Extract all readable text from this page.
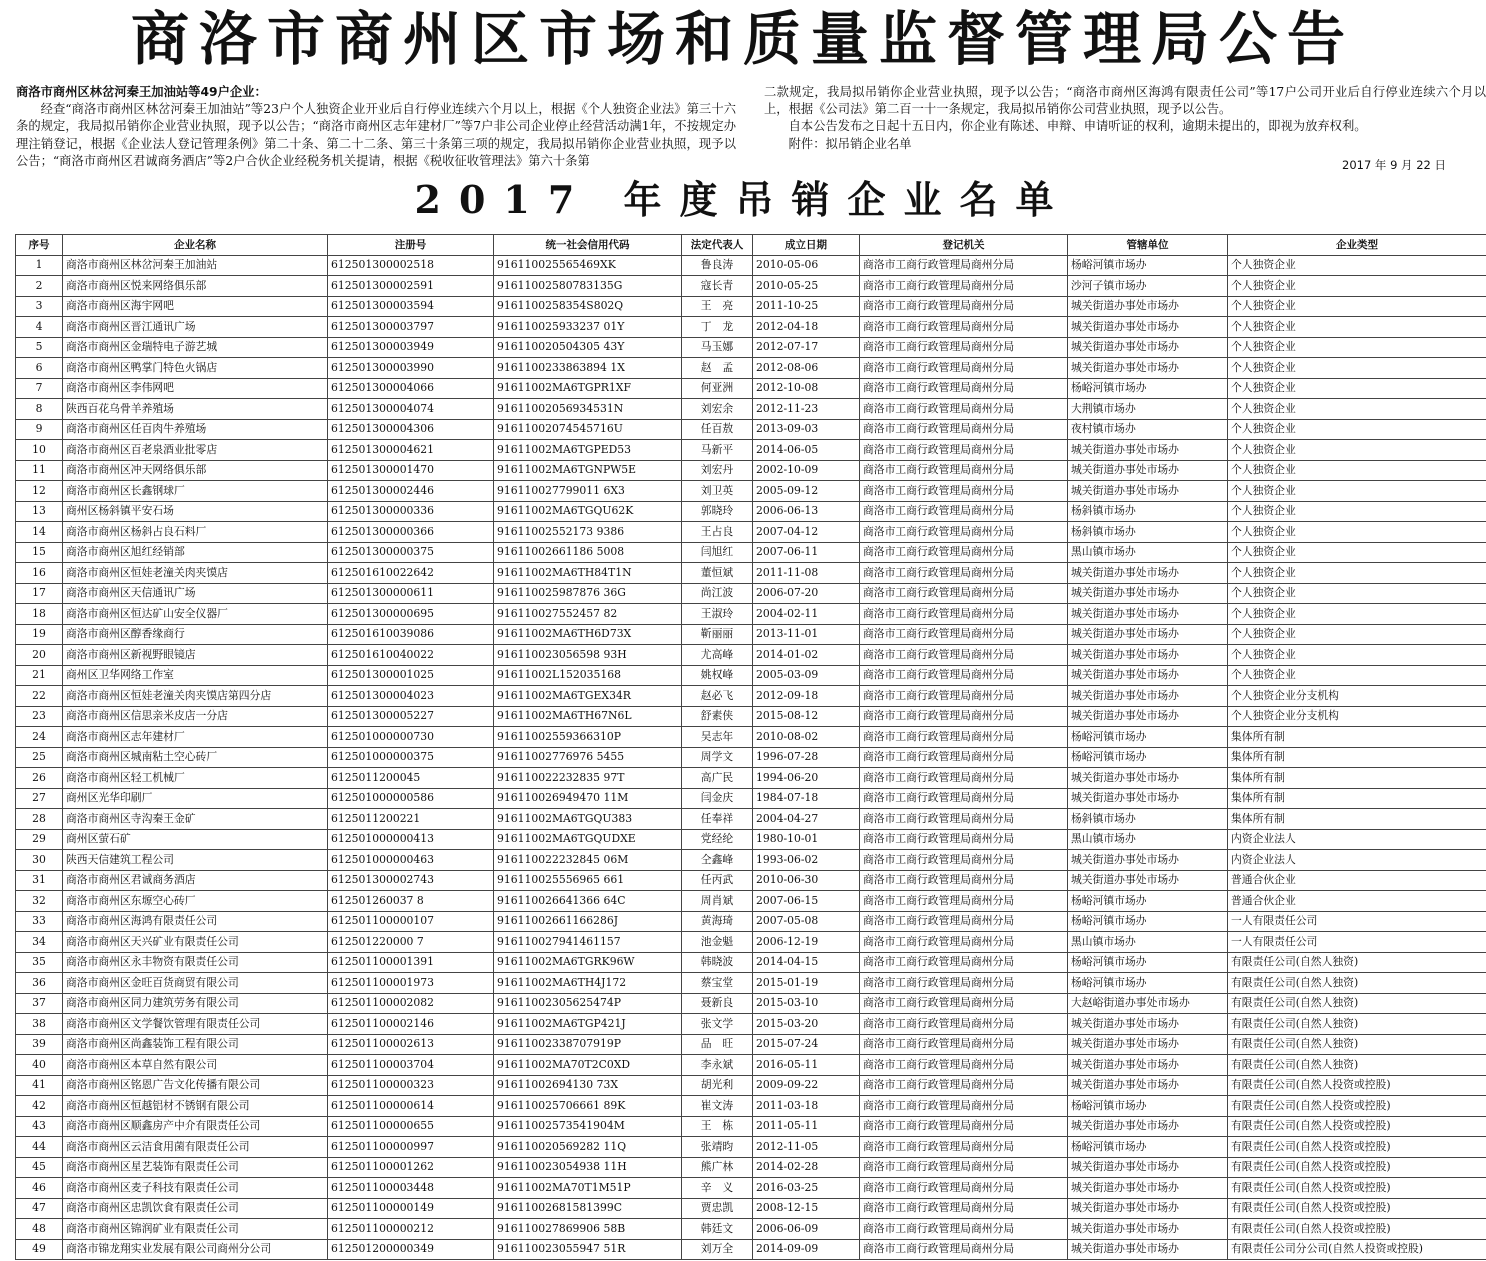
商洛市商州区市场和质量监督管理局公告
商洛市商州区林岔河秦王加油站等49户企业：
经查“商洛市商州区林岔河秦王加油站”等23户个人独资企业开业后自行停业连续六个月以上，根据《个人独资企业法》第三十六条的规定，我局拟吊销你企业营业执照，现予以公告；“商洛市商州区志年建材厂”等7户非公司企业停止经营活动满1年，不按规定办理注销登记，根据《企业法人登记管理条例》第二十条、第二十二条、第三十条第三项的规定，我局拟吊销你企业营业执照，现予以公告；“商洛市商州区君诚商务酒店”等2户合伙企业经税务机关提请，根据《税收征收管理法》第六十条第
二款规定，我局拟吊销你企业营业执照，现予以公告；“商洛市商州区海鸿有限责任公司”等17户公司开业后自行停业连续六个月以上，根据《公司法》第二百一十一条规定，我局拟吊销你公司营业执照，现予以公告。
自本公告发布之日起十五日内，你企业有陈述、申辩、申请听证的权利，逾期未提出的，即视为放弃权利。
附件：拟吊销企业名单
2017 年 9 月 22 日
2017 年度吊销企业名单
序号	企业名称	注册号	统一社会信用代码	法定代表人	成立日期	登记机关	管辖单位	企业类型
1	商洛市商州区林岔河秦王加油站	612501300002518	916110025565469XK	鲁良涛	2010-05-06	商洛市工商行政管理局商州分局	杨峪河镇市场办	个人独资企业
2	商洛市商州区悦来网络俱乐部	612501300002591	91611002580783135G	寇长青	2010-05-25	商洛市工商行政管理局商州分局	沙河子镇市场办	个人独资企业
3	商洛市商州区海宇网吧	612501300003594	9161100258354S802Q	王　亮	2011-10-25	商洛市工商行政管理局商州分局	城关街道办事处市场办	个人独资企业
4	商洛市商州区晋江通讯广场	612501300003797	916110025933237 01Y	丁　龙	2012-04-18	商洛市工商行政管理局商州分局	城关街道办事处市场办	个人独资企业
5	商洛市商州区金瑞特电子游艺城	612501300003949	916110020504305 43Y	马玉娜	2012-07-17	商洛市工商行政管理局商州分局	城关街道办事处市场办	个人独资企业
6	商洛市商州区鸭掌门特色火锅店	612501300003990	9161100233863894 1X	赵　孟	2012-08-06	商洛市工商行政管理局商州分局	城关街道办事处市场办	个人独资企业
7	商洛市商州区李伟网吧	612501300004066	91611002MA6TGPR1XF	何亚洲	2012-10-08	商洛市工商行政管理局商州分局	杨峪河镇市场办	个人独资企业
8	陕西百花乌骨羊养殖场	612501300004074	91611002056934531N	刘宏余	2012-11-23	商洛市工商行政管理局商州分局	大荆镇市场办	个人独资企业
9	商洛市商州区任百肉牛养殖场	612501300004306	91611002074545716U	任百敖	2013-09-03	商洛市工商行政管理局商州分局	夜村镇市场办	个人独资企业
10	商洛市商州区百老泉酒业批零店	612501300004621	91611002MA6TGPED53	马新平	2014-06-05	商洛市工商行政管理局商州分局	城关街道办事处市场办	个人独资企业
11	商洛市商州区冲天网络俱乐部	612501300001470	91611002MA6TGNPW5E	刘宏丹	2002-10-09	商洛市工商行政管理局商州分局	城关街道办事处市场办	个人独资企业
12	商洛市商州区长鑫钢球厂	612501300002446	916110027799011 6X3	刘卫英	2005-09-12	商洛市工商行政管理局商州分局	城关街道办事处市场办	个人独资企业
13	商州区杨斜镇平安石场	612501300000336	91611002MA6TGQU62K	郭晓玲	2006-06-13	商洛市工商行政管理局商州分局	杨斜镇市场办	个人独资企业
14	商洛市商州区杨斜占良石料厂	612501300000366	91611002552173 9386	王占良	2007-04-12	商洛市工商行政管理局商州分局	杨斜镇市场办	个人独资企业
15	商洛市商州区旭红经销部	612501300000375	91611002661186 5008	闫旭红	2007-06-11	商洛市工商行政管理局商州分局	黑山镇市场办	个人独资企业
16	商洛市商州区恒娃老潼关肉夹馍店	612501610022642	91611002MA6TH84T1N	董恒斌	2011-11-08	商洛市工商行政管理局商州分局	城关街道办事处市场办	个人独资企业
17	商洛市商州区天信通讯广场	612501300000611	916110025987876 36G	尚江波	2006-07-20	商洛市工商行政管理局商州分局	城关街道办事处市场办	个人独资企业
18	商洛市商州区恒达矿山安全仪器厂	612501300000695	916110027552457 82	王淑玲	2004-02-11	商洛市工商行政管理局商州分局	城关街道办事处市场办	个人独资企业
19	商洛市商州区醇香缘商行	612501610039086	91611002MA6TH6D73X	靳丽丽	2013-11-01	商洛市工商行政管理局商州分局	城关街道办事处市场办	个人独资企业
20	商洛市商州区新视野眼镜店	612501610040022	916110023056598 93H	尤高峰	2014-01-02	商洛市工商行政管理局商州分局	城关街道办事处市场办	个人独资企业
21	商州区卫华网络工作室	612501300001025	91611002L152035168	姚权峰	2005-03-09	商洛市工商行政管理局商州分局	城关街道办事处市场办	个人独资企业
22	商洛市商州区恒娃老潼关肉夹馍店第四分店	612501300004023	91611002MA6TGEX34R	赵必飞	2012-09-18	商洛市工商行政管理局商州分局	城关街道办事处市场办	个人独资企业分支机构
23	商洛市商州区信思亲米皮店一分店	612501300005227	91611002MA6TH67N6L	舒素侠	2015-08-12	商洛市工商行政管理局商州分局	城关街道办事处市场办	个人独资企业分支机构
24	商洛市商州区志年建材厂	612501000000730	91611002559366310P	吴志年	2010-08-02	商洛市工商行政管理局商州分局	杨峪河镇市场办	集体所有制
25	商洛市商州区城南粘土空心砖厂	612501000000375	91611002776976 5455	周学文	1996-07-28	商洛市工商行政管理局商州分局	杨峪河镇市场办	集体所有制
26	商洛市商州区轻工机械厂	6125011200045	916110022232835 97T	高广民	1994-06-20	商洛市工商行政管理局商州分局	城关街道办事处市场办	集体所有制
27	商州区光华印刷厂	612501000000586	916110026949470 11M	闫金庆	1984-07-18	商洛市工商行政管理局商州分局	城关街道办事处市场办	集体所有制
28	商洛市商州区寺沟秦王金矿	6125011200221	91611002MA6TGQU383	任奉祥	2004-04-27	商洛市工商行政管理局商州分局	杨斜镇市场办	集体所有制
29	商州区萤石矿	612501000000413	91611002MA6TGQUDXE	党经纶	1980-10-01	商洛市工商行政管理局商州分局	黑山镇市场办	内资企业法人
30	陕西天信建筑工程公司	612501000000463	916110022232845 06M	仝鑫峰	1993-06-02	商洛市工商行政管理局商州分局	城关街道办事处市场办	内资企业法人
31	商洛市商州区君诚商务酒店	612501300002743	916110025556965 661	任丙武	2010-06-30	商洛市工商行政管理局商州分局	城关街道办事处市场办	普通合伙企业
32	商洛市商州区东塬空心砖厂	612501260037 8	916110026641366 64C	周肖斌	2007-06-15	商洛市工商行政管理局商州分局	杨峪河镇市场办	普通合伙企业
33	商洛市商州区海鸿有限责任公司	612501100000107	91611002661166286J	黄海琦	2007-05-08	商洛市工商行政管理局商州分局	杨峪河镇市场办	一人有限责任公司
34	商洛市商州区天兴矿业有限责任公司	612501220000 7	916110027941461157	池金魁	2006-12-19	商洛市工商行政管理局商州分局	黑山镇市场办	一人有限责任公司
35	商洛市商州区永丰物资有限责任公司	612501100001391	91611002MA6TGRK96W	韩晓波	2014-04-15	商洛市工商行政管理局商州分局	杨峪河镇市场办	有限责任公司(自然人独资)
36	商洛市商州区金旺百货商贸有限公司	612501100001973	91611002MA6TH4J172	蔡宝堂	2015-01-19	商洛市工商行政管理局商州分局	杨峪河镇市场办	有限责任公司(自然人独资)
37	商洛市商州区同力建筑劳务有限公司	612501100002082	91611002305625474P	聂新良	2015-03-10	商洛市工商行政管理局商州分局	大赵峪街道办事处市场办	有限责任公司(自然人独资)
38	商洛市商州区文学餐饮管理有限责任公司	612501100002146	91611002MA6TGP421J	张文学	2015-03-20	商洛市工商行政管理局商州分局	城关街道办事处市场办	有限责任公司(自然人独资)
39	商洛市商州区尚鑫装饰工程有限公司	612501100002613	91611002338707919P	品　旺	2015-07-24	商洛市工商行政管理局商州分局	城关街道办事处市场办	有限责任公司(自然人独资)
40	商洛市商州区本草自然有限公司	612501100003704	91611002MA70T2C0XD	李永斌	2016-05-11	商洛市工商行政管理局商州分局	城关街道办事处市场办	有限责任公司(自然人独资)
41	商洛市商州区铭恩广告文化传播有限公司	612501100000323	91611002694130 73X	胡光利	2009-09-22	商洛市工商行政管理局商州分局	城关街道办事处市场办	有限责任公司(自然人投资或控股)
42	商洛市商州区恒越铝材不锈钢有限公司	612501100000614	916110025706661 89K	崔文涛	2011-03-18	商洛市工商行政管理局商州分局	杨峪河镇市场办	有限责任公司(自然人投资或控股)
43	商洛市商州区顺鑫房产中介有限责任公司	612501100000655	91611002573541904M	王　栋	2011-05-11	商洛市工商行政管理局商州分局	城关街道办事处市场办	有限责任公司(自然人投资或控股)
44	商洛市商州区云洁食用菌有限责任公司	612501100000997	916110020569282 11Q	张靖昀	2012-11-05	商洛市工商行政管理局商州分局	杨峪河镇市场办	有限责任公司(自然人投资或控股)
45	商洛市商州区星艺装饰有限责任公司	612501100001262	916110023054938 11H	熊广林	2014-02-28	商洛市工商行政管理局商州分局	城关街道办事处市场办	有限责任公司(自然人投资或控股)
46	商洛市商州区麦子科技有限责任公司	612501100003448	91611002MA70T1M51P	辛　义	2016-03-25	商洛市工商行政管理局商州分局	城关街道办事处市场办	有限责任公司(自然人投资或控股)
47	商洛市商州区忠凯饮食有限责任公司	612501100000149	91611002681581399C	贾忠凯	2008-12-15	商洛市工商行政管理局商州分局	城关街道办事处市场办	有限责任公司(自然人投资或控股)
48	商洛市商州区锦润矿业有限责任公司	612501100000212	916110027869906 58B	韩廷文	2006-06-09	商洛市工商行政管理局商州分局	城关街道办事处市场办	有限责任公司(自然人投资或控股)
49	商洛市锦龙翔实业发展有限公司商州分公司	612501200000349	916110023055947 51R	刘万全	2014-09-09	商洛市工商行政管理局商州分局	城关街道办事处市场办	有限责任公司分公司(自然人投资或控股)
